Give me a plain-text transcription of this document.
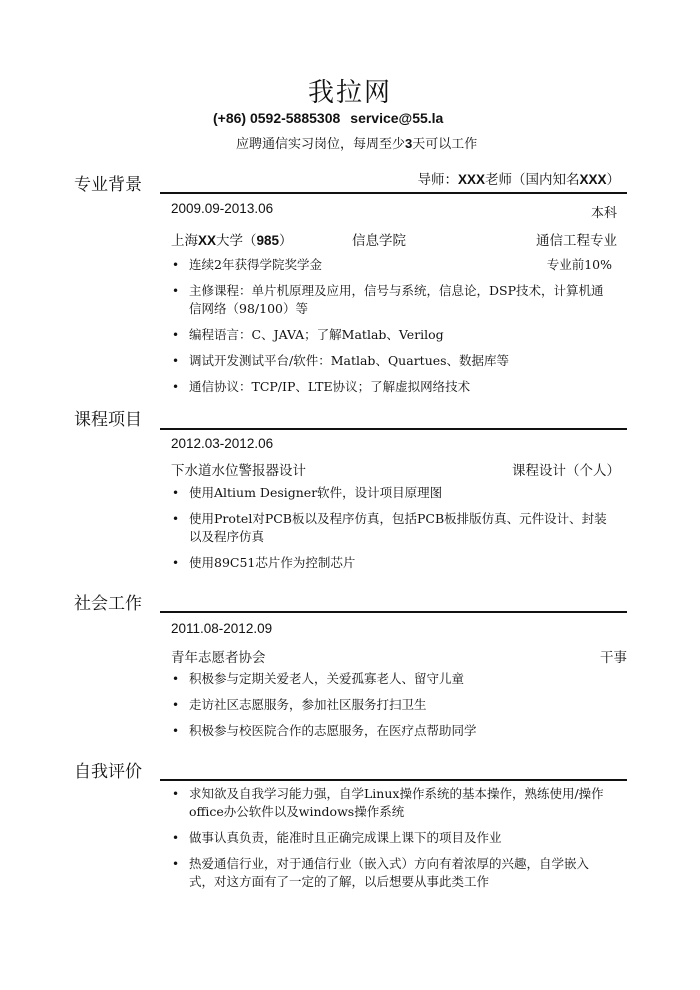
我拉网
(+86) 0592-5885308 service@55.la
应聘通信实习岗位，每周至少3天可以工作
专业背景	导师：XXX老师（国内知名XXX）
2009.09-2013.06	本科
上海XX大学（985）	信息学院	通信工程专业
• 连续2年获得学院奖学金	专业前10%
• 主修课程：单片机原理及应用，信号与系统，信息论，DSP技术，计算机通信网络（98/100）等
• 编程语言：C、JAVA；了解Matlab、Verilog
• 调试开发测试平台/软件：Matlab、Quartues、数据库等
• 通信协议：TCP/IP、LTE协议；了解虚拟网络技术
课程项目
2012.03-2012.06
下水道水位警报器设计	课程设计（个人）
• 使用Altium Designer软件，设计项目原理图
• 使用Protel对PCB板以及程序仿真，包括PCB板排版仿真、元件设计、封装以及程序仿真
• 使用89C51芯片作为控制芯片
社会工作
2011.08-2012.09
青年志愿者协会	干事
• 积极参与定期关爱老人，关爱孤寡老人、留守儿童
• 走访社区志愿服务，参加社区服务打扫卫生
• 积极参与校医院合作的志愿服务，在医疗点帮助同学
自我评价
• 求知欲及自我学习能力强，自学Linux操作系统的基本操作，熟练使用/操作office办公软件以及windows操作系统
• 做事认真负责，能准时且正确完成课上课下的项目及作业
• 热爱通信行业，对于通信行业（嵌入式）方向有着浓厚的兴趣，自学嵌入式，对这方面有了一定的了解，以后想要从事此类工作
